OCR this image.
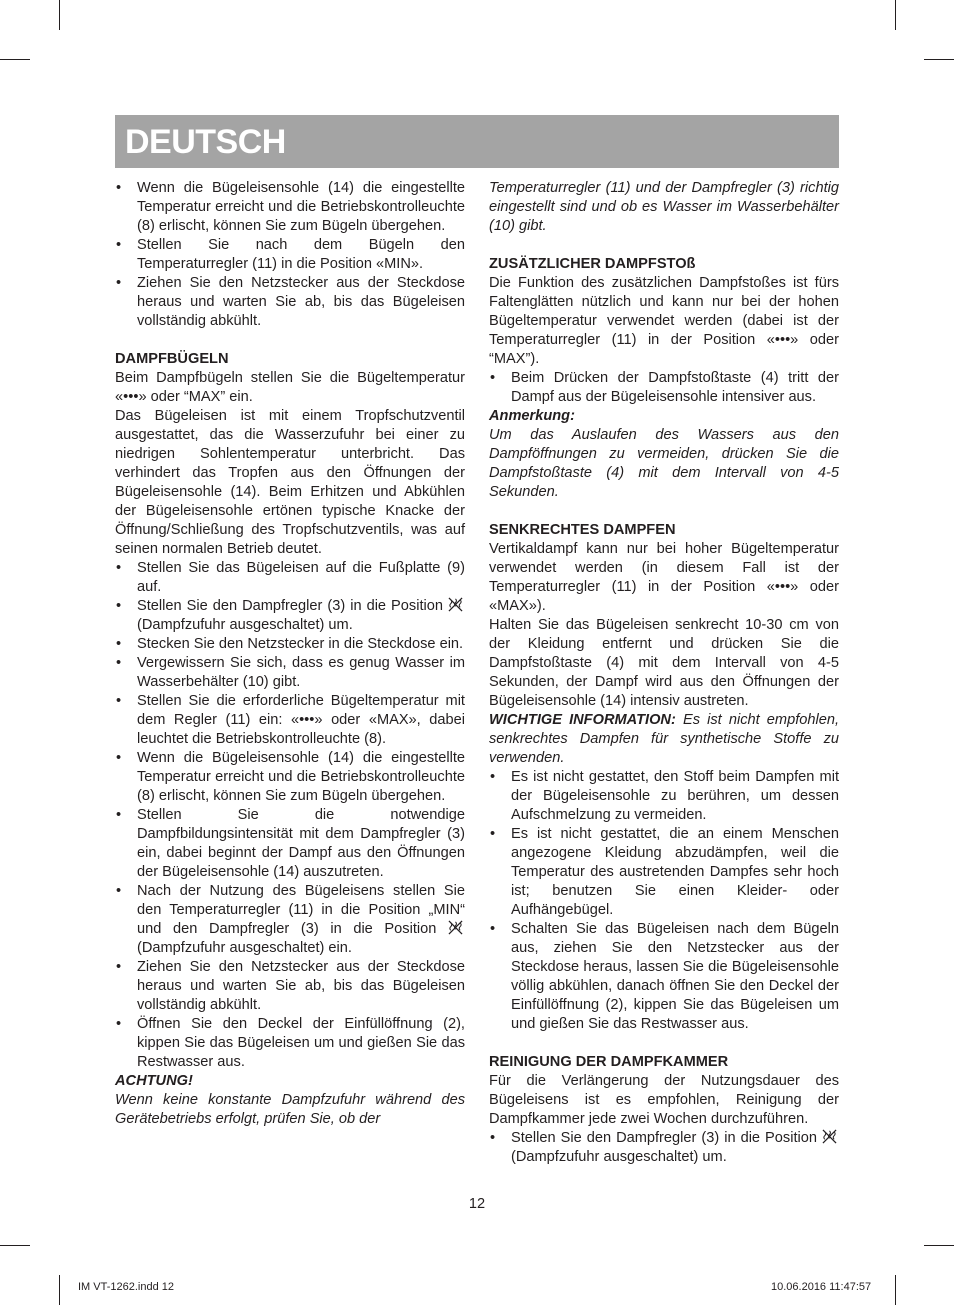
DEUTSCH
• Wenn die Bügeleisensohle (14) die eingestellte Temperatur erreicht und die Betriebskontrolleuchte (8) erlischt, können Sie zum Bügeln übergehen.
• Stellen Sie nach dem Bügeln den Temperaturregler (11) in die Position «MIN».
• Ziehen Sie den Netzstecker aus der Steckdose heraus und warten Sie ab, bis das Bügeleisen vollständig abkühlt.
DAMPFBÜGELN

Beim Dampfbügeln stellen Sie die Bügeltemperatur «•••» oder “MAX” ein.

Das Bügeleisen ist mit einem Tropfschutzventil ausgestattet, das die Wasserzufuhr bei einer zu niedrigen Sohlentemperatur unterbricht. Das verhindert das Tropfen aus den Öffnungen der Bügeleisensohle (14). Beim Erhitzen und Abkühlen der Bügeleisensohle ertönen typische Knacke der Öffnung/Schließung des Tropfschutzventils, was auf seinen normalen Betrieb deutet.

• Stellen Sie das Bügeleisen auf die Fußplatte (9) auf.
• Stellen Sie den Dampfregler (3) in die Position  (Dampfzufuhr ausgeschaltet) um.
• Stecken Sie den Netzstecker in die Steckdose ein.
• Vergewissern Sie sich, dass es genug Wasser im Wasserbehälter (10) gibt.
• Stellen Sie die erforderliche Bügeltemperatur mit dem Regler (11) ein: «•••» oder «MAX», dabei leuchtet die Betriebskontrolleuchte (8).
• Wenn die Bügeleisensohle (14) die eingestellte Temperatur erreicht und die Betriebskontrolleuchte (8) erlischt, können Sie zum Bügeln übergehen.
• Stellen Sie die notwendige Dampfbildungsintensität mit dem Dampfregler (3) ein, dabei beginnt der Dampf aus den Öffnungen der Bügeleisensohle (14) auszutreten.
• Nach der Nutzung des Bügeleisens stellen Sie den Temperaturregler (11) in die Position „MIN“ und den Dampfregler (3) in die Position  (Dampfzufuhr ausgeschaltet) ein.
• Ziehen Sie den Netzstecker aus der Steckdose heraus und warten Sie ab, bis das Bügeleisen vollständig abkühlt.
• Öffnen Sie den Deckel der Einfüllöffnung (2), kippen Sie das Bügeleisen um und gießen Sie das Restwasser aus.

ACHTUNG!

Wenn keine konstante Dampfzufuhr während des Gerätebetriebs erfolgt, prüfen Sie, ob der

Temperaturregler (11) und der Dampfregler (3) richtig eingestellt sind und ob es Wasser im Wasserbehälter (10) gibt.

ZUSÄTZLICHER DAMPFSTOß

Die Funktion des zusätzlichen Dampfstoßes ist fürs Faltenglätten nützlich und kann nur bei der hohen Bügeltemperatur verwendet werden (dabei ist der Temperaturregler (11) in der Position «•••» oder “MAX”).

• Beim Drücken der Dampfstoßtaste (4) tritt der Dampf aus der Bügeleisensohle intensiver aus.

Anmerkung:

Um das Auslaufen des Wassers aus den Dampföffnungen zu vermeiden, drücken Sie die Dampfstoßtaste (4) mit dem Intervall von 4-5 Sekunden.

SENKRECHTES DAMPFEN

Vertikaldampf kann nur bei hoher Bügeltemperatur verwendet werden (in diesem Fall ist der Temperaturregler (11) in der Position «•••» oder «MAX»).

Halten Sie das Bügeleisen senkrecht 10-30 cm von der Kleidung entfernt und drücken Sie die Dampfstoßtaste (4) mit dem Intervall von 4-5 Sekunden, der Dampf wird aus den Öffnungen der Bügeleisensohle (14) intensiv austreten.

WICHTIGE INFORMATION: Es ist nicht empfohlen, senkrechtes Dampfen für synthetische Stoffe zu verwenden.

• Es ist nicht gestattet, den Stoff beim Dampfen mit der Bügeleisensohle zu berühren, um dessen Aufschmelzung zu vermeiden.
• Es ist nicht gestattet, die an einem Menschen angezogene Kleidung abzudämpfen, weil die Temperatur des austretenden Dampfes sehr hoch ist; benutzen Sie einen Kleider- oder Aufhängebügel.
• Schalten Sie das Bügeleisen nach dem Bügeln aus, ziehen Sie den Netzstecker aus der Steckdose heraus, lassen Sie die Bügeleisensohle völlig abkühlen, danach öffnen Sie den Deckel der Einfüllöffnung (2), kippen Sie das Bügeleisen um und gießen Sie das Restwasser aus.
REINIGUNG DER DAMPFKAMMER

Für die Verlängerung der Nutzungsdauer des Bügeleisens ist es empfohlen, Reinigung der Dampfkammer jede zwei Wochen durchzuführen.

• Stellen Sie den Dampfregler (3) in die Position  (Dampfzufuhr ausgeschaltet) um.
12
IM VT-1262.indd 12	10.06.2016 11:47:57
